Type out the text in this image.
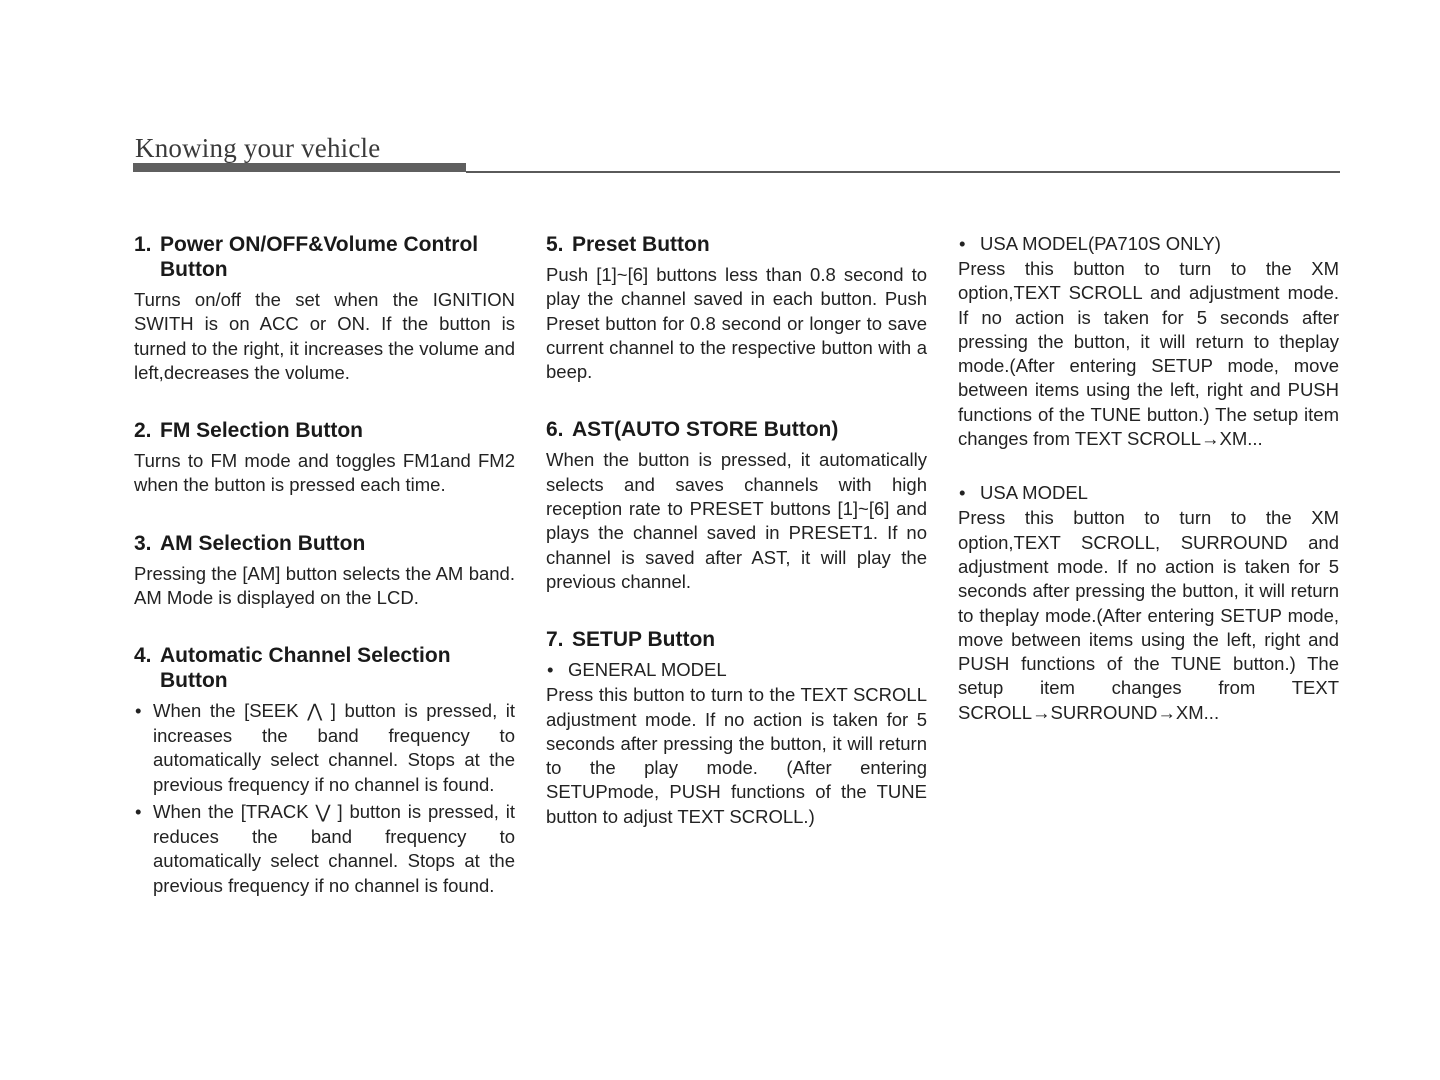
Knowing your vehicle
1. Power ON/OFF&Volume Control Button

Turns on/off the set when the IGNITION SWITH is on ACC or ON. If the button is turned to the right, it increases the volume and left,decreases the volume.

2. FM Selection Button

Turns to FM mode and toggles FM1and FM2 when the button is pressed each time.

3. AM Selection Button

Pressing the [AM] button selects the AM band. AM Mode is displayed on the LCD.

4. Automatic Channel Selection Button
• When the [SEEK ⋀ ] button is pressed, it increases the band frequency to automatically select channel. Stops at the previous frequency if no channel is found.
• When the [TRACK ⋁ ] button is pressed, it reduces the band frequency to automatically select channel. Stops at the previous frequency if no channel is found.
5. Preset Button

Push [1]~[6] buttons less than 0.8 second to play the channel saved in each button. Push Preset button for 0.8 second or longer to save current channel to the respective button with a beep.

6. AST(AUTO STORE Button)

When the button is pressed, it automatically selects and saves channels with high reception rate to PRESET buttons [1]~[6] and plays the channel saved in PRESET1. If no channel is saved after AST, it will play the previous channel.

7. SETUP Button
• GENERAL MODEL

Press this button to turn to the TEXT SCROLL adjustment mode. If no action is taken for 5 seconds after pressing the button, it will return to the play mode. (After entering SETUPmode, PUSH functions of the TUNE button to adjust TEXT SCROLL.)

• USA MODEL(PA710S ONLY)

Press this button to turn to the XM option,TEXT SCROLL and adjustment mode. If no action is taken for 5 seconds after pressing the button, it will return to theplay mode.(After entering SETUP mode, move between items using the left, right and PUSH functions of the TUNE button.) The setup item changes from TEXT SCROLL→XM...

• USA MODEL

Press this button to turn to the XM option,TEXT SCROLL, SURROUND and adjustment mode. If no action is taken for 5 seconds after pressing the button, it will return to theplay mode.(After entering SETUP mode, move between items using the left, right and PUSH functions of the TUNE button.) The setup item changes from TEXT SCROLL→SURROUND→XM...
